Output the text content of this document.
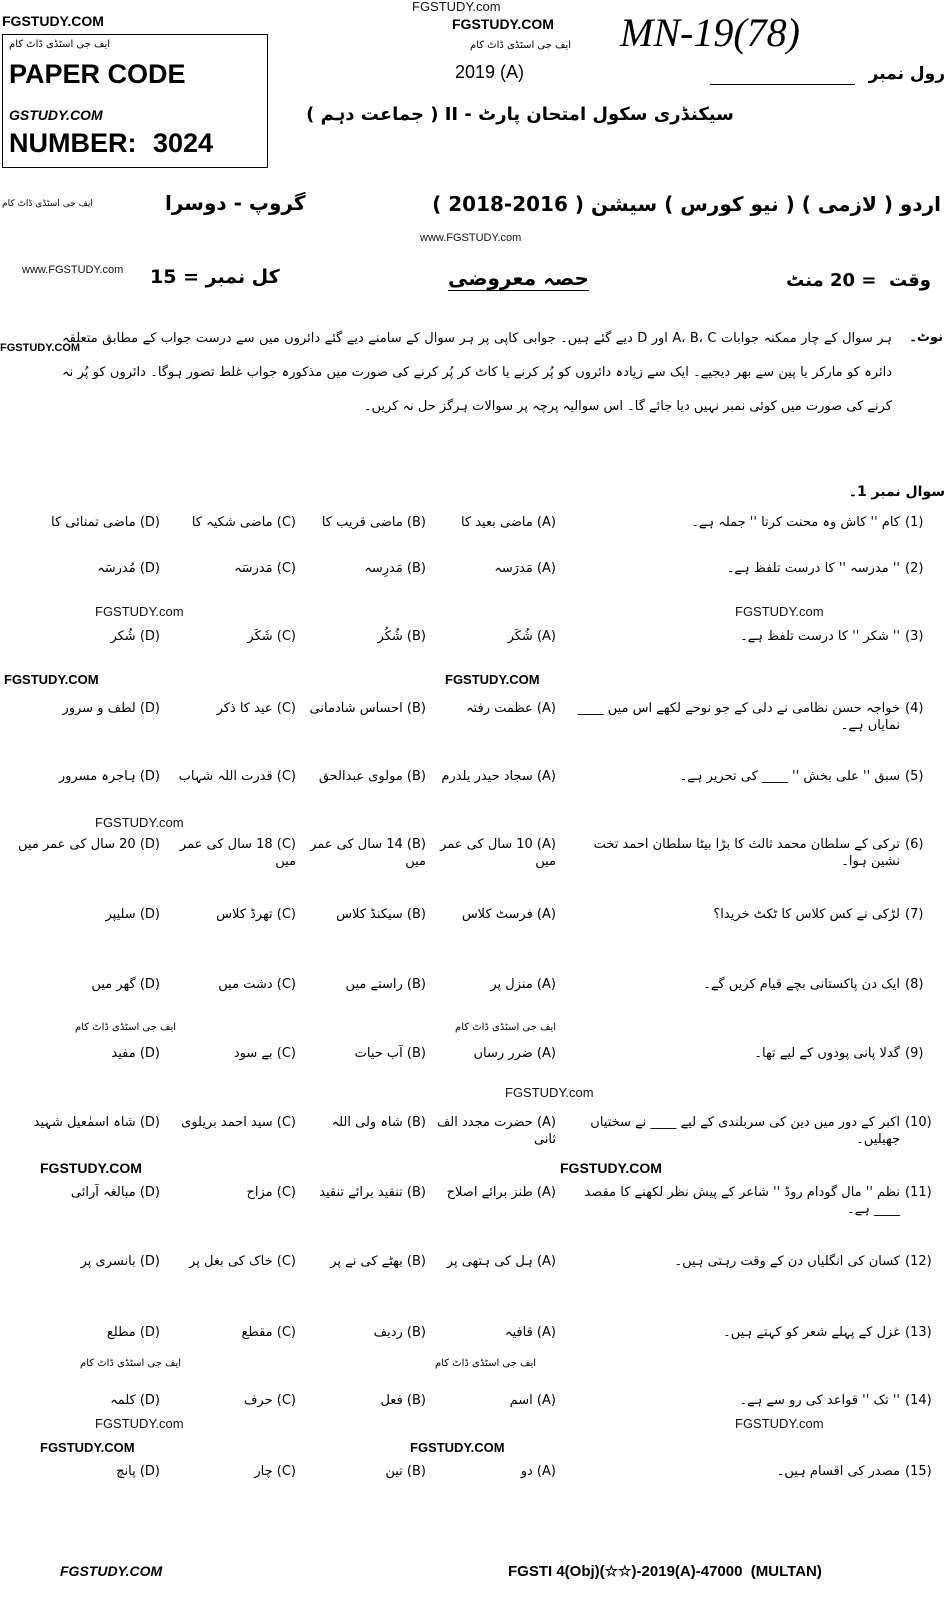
FGSTUDY.com
FGSTUDY.COM	FGSTUDY.COM
ایف جی اسٹڈی ڈاٹ کام
PAPER CODE
GSTUDY.COM
NUMBER: 3024
ایف جی اسٹڈی ڈاٹ کام MN-19(78)
2019 (A)	رول نمبر
سیکنڈری سکول امتحان پارٹ - II ( جماعت دہم )
اردو ( لازمی ) ( نیو کورس ) سیشن ( 2016-2018 )
گروپ - دوسرا
ایف جی اسٹڈی ڈاٹ کام
www.FGSTUDY.com
www.FGSTUDY.com	کل نمبر = 15	حصہ معروضی	وقت  = 20 منٹ
نوٹ۔
ہر سوال کے چار ممکنہ جوابات A، B، C اور D دیے گئے ہیں۔ جوابی کاپی پر ہر سوال کے سامنے دیے گئے دائروں میں سے درست جواب کے مطابق متعلقہ دائرہ کو مارکر یا پین سے بھر دیجیے۔ ایک سے زیادہ دائروں کو پُر کرنے یا کاٹ کر پُر کرنے کی صورت میں مذکورہ جواب غلط تصور ہوگا۔ دائروں کو پُر نہ کرنے کی صورت میں کوئی نمبر نہیں دیا جائے گا۔ اس سوالیہ پرچہ پر سوالات ہرگز حل نہ کریں۔
FGSTUDY.COM
سوال نمبر 1۔
(1)
کام '' کاش وہ محنت کرتا '' جملہ ہے۔
(A) ماضی بعید کا
(B) ماضی قریب کا
(C) ماضی شکیہ کا
(D) ماضی تمنائی کا
(2)
'' مدرسہ '' کا درست تلفظ ہے۔
(A) مَدرَسہ
(B) مَدرِسہ
(C) مَدرسَہ
(D) مُدرسَہ
(3)
'' شکر '' کا درست تلفظ ہے۔
(A) شُکَر
(B) شُکُر
(C) شَکَر
(D) شُکر
(4)
خواجہ حسن نظامی نے دلی کے جو نوحے لکھے اس میں ____ نمایاں ہے۔
(A) عظمت رفتہ
(B) احساس شادمانی
(C) عید کا ذکر
(D) لطف و سرور
(5)
سبق '' علی بخش '' ____ کی تحریر ہے۔
(A) سجاد حیدر یلدرم
(B) مولوی عبدالحق
(C) قدرت اللہ شہاب
(D) ہاجرہ مسرور
(6)
ترکی کے سلطان محمد ثالث کا بڑا بیٹا سلطان احمد تخت نشین ہوا۔
(A) 10 سال کی عمر میں
(B) 14 سال کی عمر میں
(C) 18 سال کی عمر میں
(D) 20 سال کی عمر میں
(7)
لڑکی نے کس کلاس کا ٹکٹ خریدا؟
(A) فرسٹ کلاس
(B) سیکنڈ کلاس
(C) تھرڈ کلاس
(D) سلیپر
(8)
ایک دن پاکستانی بچے قیام کریں گے۔
(A) منزل پر
(B) راستے میں
(C) دشت میں
(D) گھر میں
(9)
گدلا پانی پودوں کے لیے تھا۔
(A) ضرر رساں
(B) آب حیات
(C) بے سود
(D) مفید
(10)
اکبر کے دور میں دین کی سربلندی کے لیے ____ نے سختیاں جھیلیں۔
(A) حضرت مجدد الف ثانی
(B) شاہ ولی اللہ
(C) سید احمد بریلوی
(D) شاہ اسمٰعیل شہید
(11)
نظم '' مال گودام روڈ '' شاعر کے پیش نظر لکھنے کا مقصد ____ ہے۔
(A) طنز برائے اصلاح
(B) تنقید برائے تنقید
(C) مزاح
(D) مبالغہ آرائی
(12)
کسان کی انگلیاں دن کے وقت رہتی ہیں۔
(A) ہل کی ہتھی پر
(B) بھٹے کی نے پر
(C) خاک کی بغل پر
(D) بانسری پر
(13)
غزل کے پہلے شعر کو کہتے ہیں۔
(A) قافیہ
(B) ردیف
(C) مقطع
(D) مطلع
(14)
'' تک '' قواعد کی رو سے ہے۔
(A) اسم
(B) فعل
(C) حرف
(D) کلمہ
(15)
مصدر کی اقسام ہیں۔
(A) دو
(B) تین
(C) چار
(D) پانچ
FGSTUDY.com	FGSTUDY.com
FGSTUDY.COM	FGSTUDY.COM
FGSTUDY.com
FGSTUDY.com
FGSTUDY.COM	FGSTUDY.COM
FGSTUDY.com	FGSTUDY.com
FGSTUDY.COM	FGSTUDY.COM
ایف جی اسٹڈی ڈاٹ کام	ایف جی اسٹڈی ڈاٹ کام
ایف جی اسٹڈی ڈاٹ کام	ایف جی اسٹڈی ڈاٹ کام
FGSTUDY.COM	FGSTI 4(Obj)(☆☆)-2019(A)-47000 (MULTAN)
